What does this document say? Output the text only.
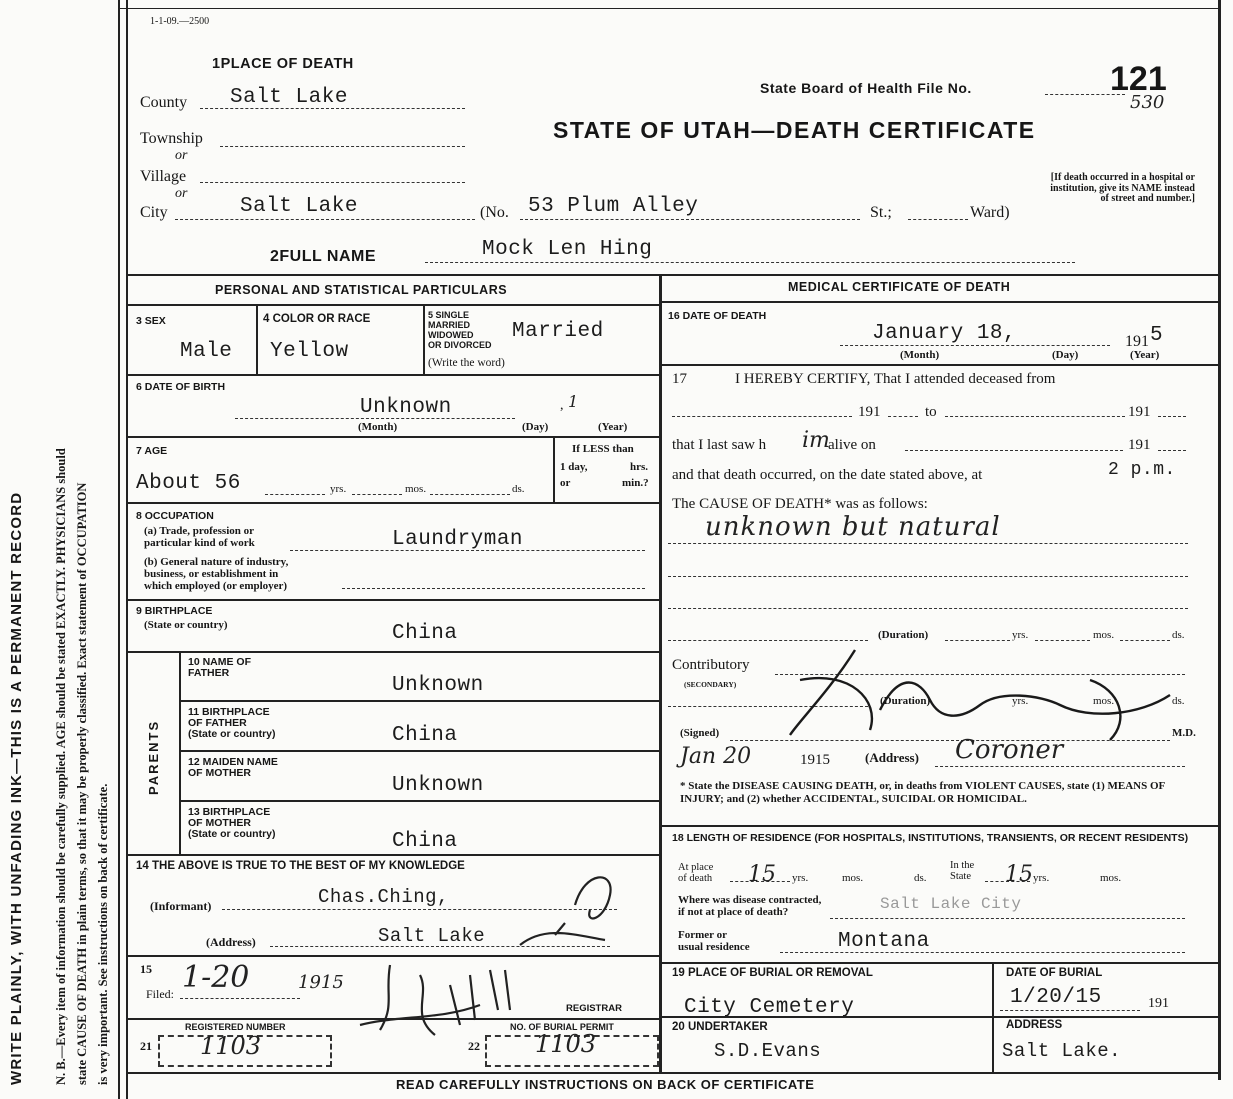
WRITE PLAINLY, WITH UNFADING INK—THIS IS A PERMANENT RECORD N. B.—Every item of information should be carefully supplied. AGE should be stated EXACTLY. PHYSICIANS should state CAUSE OF DEATH in plain terms, so that it may be properly classified. Exact statement of OCCUPATION is very important. See instructions on back of certificate.
1-1-09.—2500
1PLACE OF DEATH
State Board of Health File No.	121
530
STATE OF UTAH—DEATH CERTIFICATE
[If death occurred in a hospital or institution, give its NAME instead of street and number.]
County Salt Lake
Township
or
Village
or
City	Salt Lake	(No. 53 Plum Alley	St.;	Ward)
2FULL NAME	Mock Len Hing
PERSONAL AND STATISTICAL PARTICULARS
3 SEX
Male
4 COLOR OR RACE
Yellow
5 SINGLE
MARRIED
WIDOWED
OR DIVORCED
(Write the word)
Married
6 DATE OF BIRTH
Unknown	, 1
(Month)	(Day)	(Year)
7 AGE
About 56	yrs.	mos.	ds.
If LESS than
1 day,	hrs.
or	min.?
8 OCCUPATION
(a) Trade, profession or
particular kind of work	Laundryman
(b) General nature of industry,
business, or establishment in
which employed (or employer)
9 BIRTHPLACE
(State or country)	China
PARENTS
10 NAME OF
FATHER
Unknown
11 BIRTHPLACE
OF FATHER
(State or country)	China
12 MAIDEN NAME
OF MOTHER
Unknown
13 BIRTHPLACE
OF MOTHER
(State or country)	China
14 THE ABOVE IS TRUE TO THE BEST OF MY KNOWLEDGE
(Informant)	Chas.Ching,
(Address)	Salt Lake
15
Filed: 1-20	1915
REGISTRAR
REGISTERED NUMBER
21 1103
NO. OF BURIAL PERMIT
22 1103
MEDICAL CERTIFICATE OF DEATH
16 DATE OF DEATH
January 18,	191 5
(Month)	(Day)	(Year)
17	I HEREBY CERTIFY, That I attended deceased from
191	to	191
that I last saw h im
alive on	191
and that death occurred, on the date stated above, at	2 p.m.
The CAUSE OF DEATH* was as follows:
unknown but natural
(Duration)	yrs.	mos.	ds.
Contributory
(SECONDARY)
(Duration)	yrs.	mos.	ds.
(Signed)	M.D.
Jan 20	1915	(Address) Coroner
* State the DISEASE CAUSING DEATH, or, in deaths from VIOLENT CAUSES, state (1) MEANS OF INJURY; and (2) whether ACCIDENTAL, SUICIDAL OR HOMICIDAL.
18 LENGTH OF RESIDENCE (FOR HOSPITALS, INSTITUTIONS, TRANSIENTS, OR RECENT RESIDENTS)
At place
of death 15 yrs.	mos.	ds.
In the
State 15 yrs.	mos.
Where was disease contracted,
if not at place of death?	Salt Lake City
Former or
usual residence	Montana
19 PLACE OF BURIAL OR REMOVAL
City Cemetery
DATE OF BURIAL
1/20/15	191
20 UNDERTAKER
S.D.Evans
ADDRESS
Salt Lake.
READ CAREFULLY INSTRUCTIONS ON BACK OF CERTIFICATE
